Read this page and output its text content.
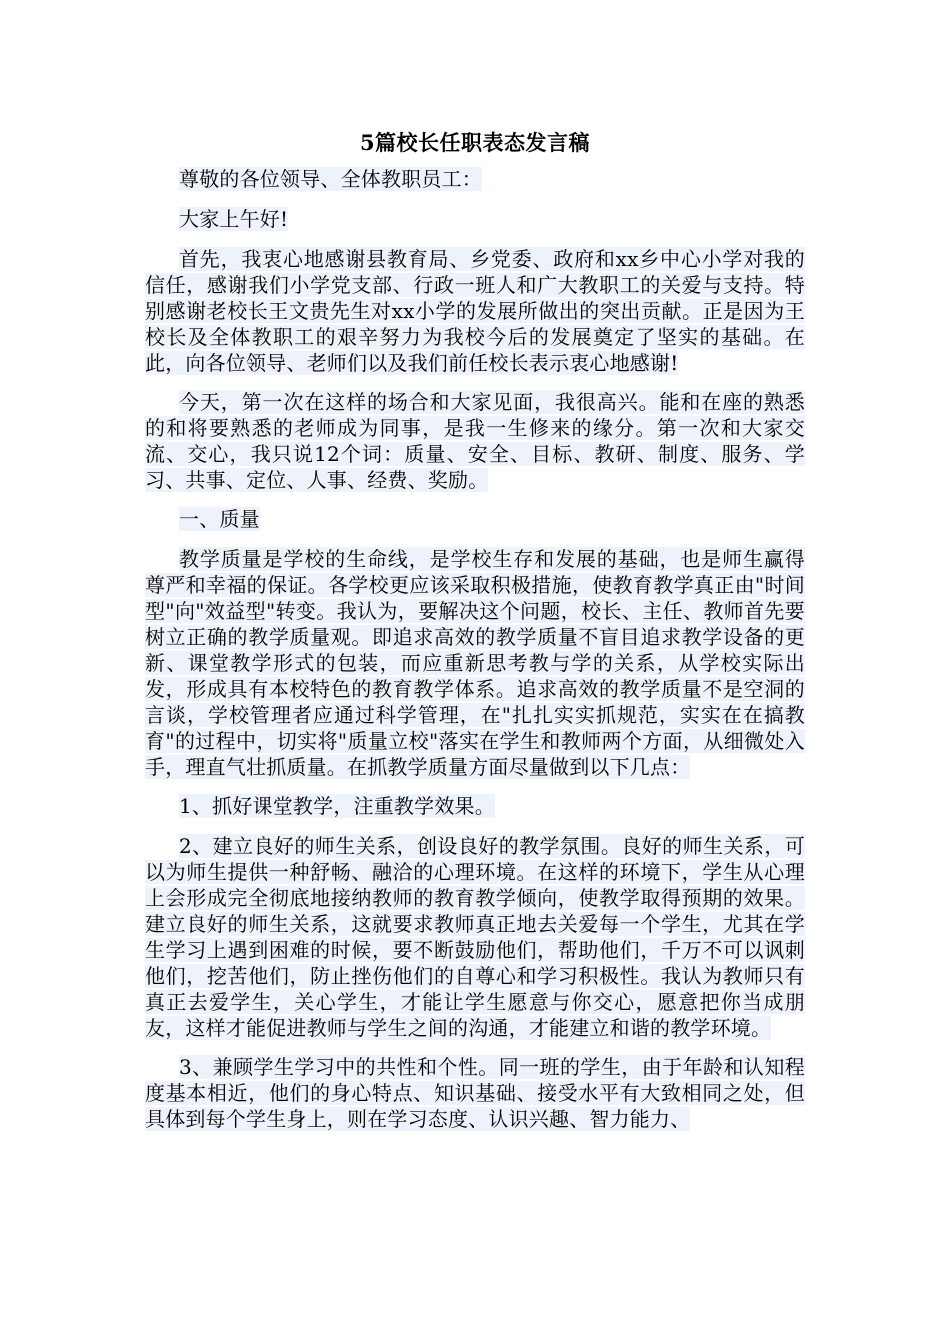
5篇校长任职表态发言稿

尊敬的各位领导、全体教职员工：

大家上午好!

首先，我衷心地感谢县教育局、乡党委、政府和xx乡中心小学对我的信任，感谢我们小学党支部、行政一班人和广大教职工的关爱与支持。特别感谢老校长王文贵先生对xx小学的发展所做出的突出贡献。正是因为王校长及全体教职工的艰辛努力为我校今后的发展奠定了坚实的基础。在此，向各位领导、老师们以及我们前任校长表示衷心地感谢!

今天，第一次在这样的场合和大家见面，我很高兴。能和在座的熟悉的和将要熟悉的老师成为同事，是我一生修来的缘分。第一次和大家交流、交心，我只说12个词：质量、安全、目标、教研、制度、服务、学习、共事、定位、人事、经费、奖励。

一、质量

教学质量是学校的生命线，是学校生存和发展的基础，也是师生赢得尊严和幸福的保证。各学校更应该采取积极措施，使教育教学真正由"时间型"向"效益型"转变。我认为，要解决这个问题，校长、主任、教师首先要树立正确的教学质量观。即追求高效的教学质量不盲目追求教学设备的更新、课堂教学形式的包装，而应重新思考教与学的关系，从学校实际出发，形成具有本校特色的教育教学体系。追求高效的教学质量不是空洞的言谈，学校管理者应通过科学管理，在"扎扎实实抓规范，实实在在搞教育"的过程中，切实将"质量立校"落实在学生和教师两个方面，从细微处入手，理直气壮抓质量。在抓教学质量方面尽量做到以下几点：

1、抓好课堂教学，注重教学效果。

2、建立良好的师生关系，创设良好的教学氛围。良好的师生关系，可以为师生提供一种舒畅、融洽的心理环境。在这样的环境下，学生从心理上会形成完全彻底地接纳教师的教育教学倾向，使教学取得预期的效果。建立良好的师生关系，这就要求教师真正地去关爱每一个学生，尤其在学生学习上遇到困难的时候，要不断鼓励他们，帮助他们，千万不可以讽刺他们，挖苦他们，防止挫伤他们的自尊心和学习积极性。我认为教师只有真正去爱学生，关心学生，才能让学生愿意与你交心，愿意把你当成朋友，这样才能促进教师与学生之间的沟通，才能建立和谐的教学环境。

3、兼顾学生学习中的共性和个性。同一班的学生，由于年龄和认知程度基本相近，他们的身心特点、知识基础、接受水平有大致相同之处，但具体到每个学生身上，则在学习态度、认识兴趣、智力能力、
